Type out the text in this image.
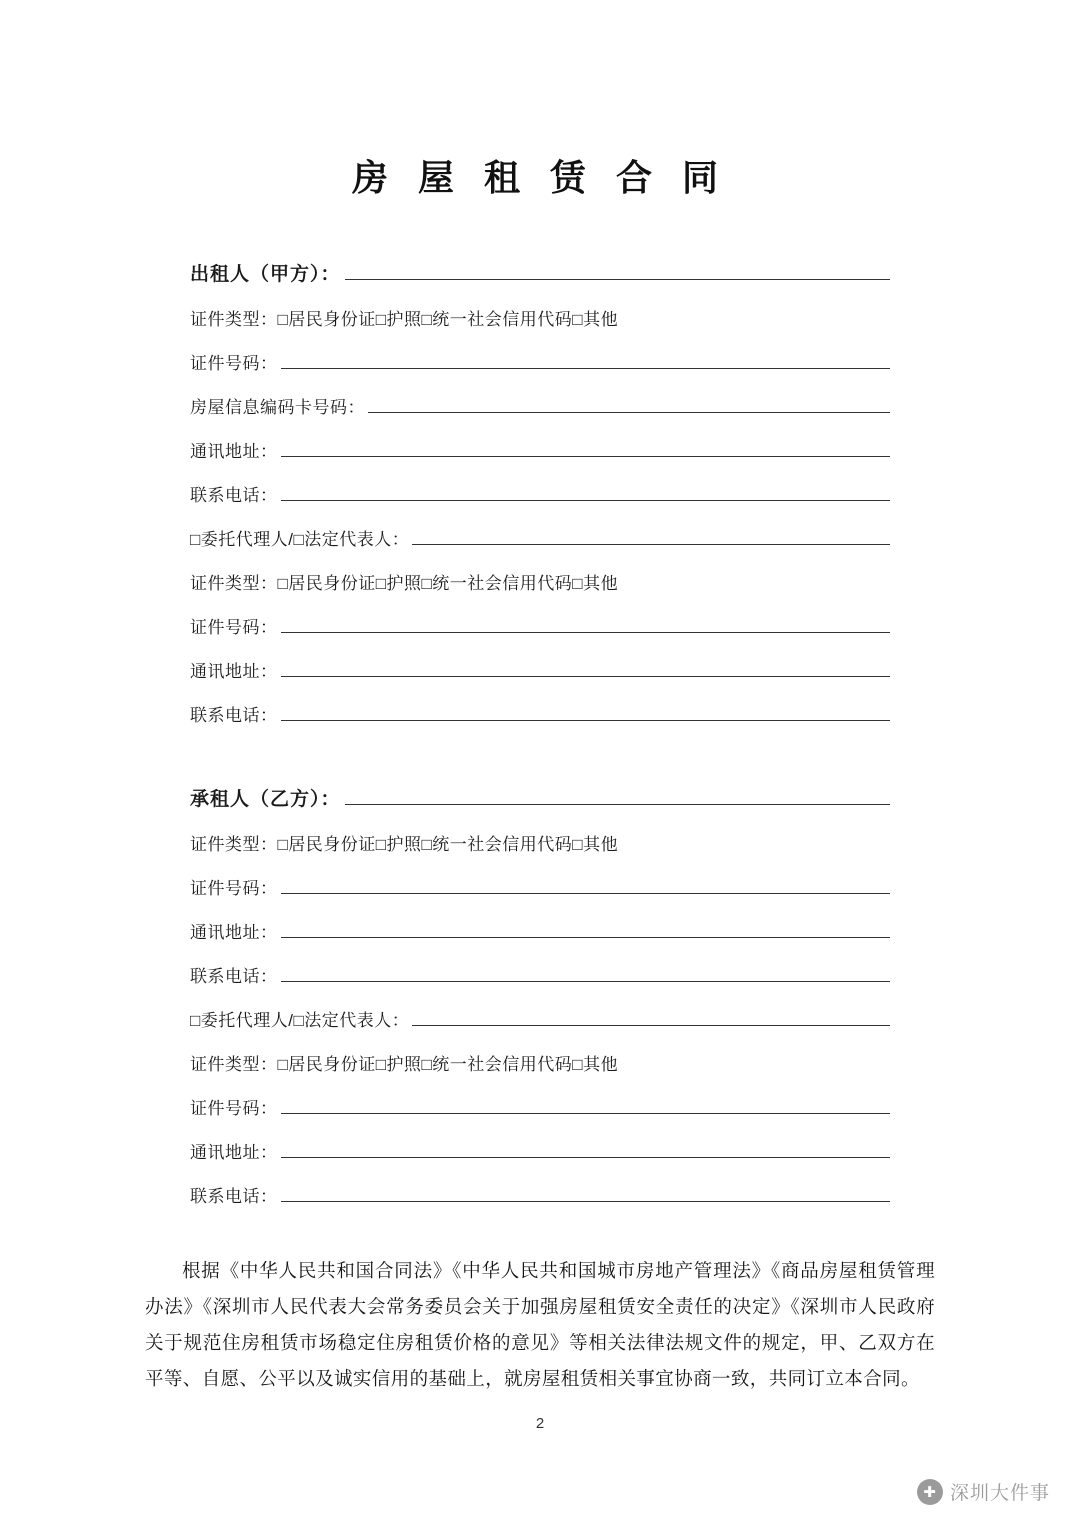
房 屋 租 赁 合 同
出租人（甲方）：
证件类型： □居民身份证□护照□统一社会信用代码□其他
证件号码：
房屋信息编码卡号码：
通讯地址：
联系电话：
□委托代理人/□法定代表人：
证件类型： □居民身份证□护照□统一社会信用代码□其他
证件号码：
通讯地址：
联系电话：
承租人（乙方）：
证件类型： □居民身份证□护照□统一社会信用代码□其他
证件号码：
通讯地址：
联系电话：
□委托代理人/□法定代表人：
证件类型： □居民身份证□护照□统一社会信用代码□其他
证件号码：
通讯地址：
联系电话：

根据《中华人民共和国合同法》《中华人民共和国城市房地产管理法》《商品房屋租赁管理办法》《深圳市人民代表大会常务委员会关于加强房屋租赁安全责任的决定》《深圳市人民政府关于规范住房租赁市场稳定住房租赁价格的意见》等相关法律法规文件的规定，甲、乙双方在平等、自愿、公平以及诚实信用的基础上，就房屋租赁相关事宜协商一致，共同订立本合同。

2
✚ 深圳大件事
